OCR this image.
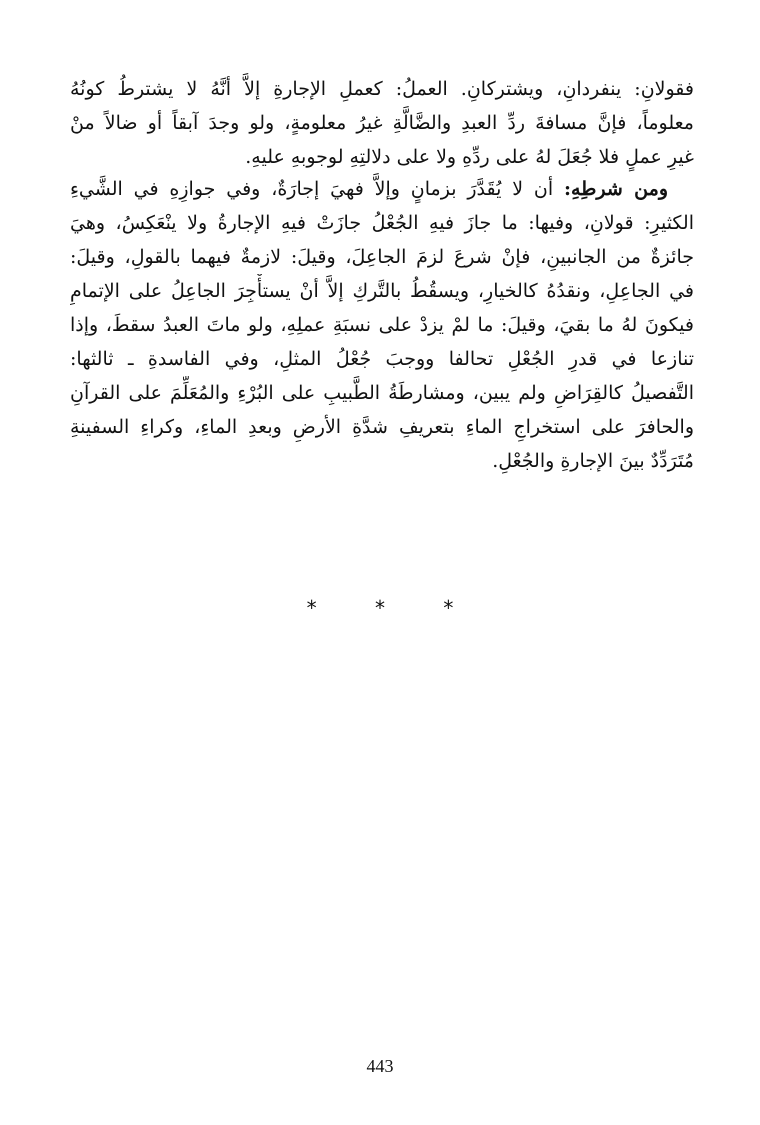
فقولانِ: ينفردانِ، ويشتركانِ. العملُ: كعملِ الإجارةِ إلاَّ أنَّهُ لا يشترطُ كونُهُ
معلوماً، فإنَّ مسافةَ ردِّ العبدِ والضَّالَّةِ غيرُ معلومةٍ، ولو وجدَ آبقاً أو ضالاً منْ
غيرِ عملٍ فلا جُعَلَ لهُ على ردِّهِ ولا على دلالتِهِ لوجوبهِ عليهِ.
ومن شرطِهِ: أن لا يُقَدَّرَ بزمانٍ وإلاَّ فهيَ إجارَةٌ، وفي جوازِهِ في الشَّيءِ
الكثيرِ: قولانِ، وفيها: ما جازَ فيهِ الجُعْلُ جازَتْ فيهِ الإجارةُ ولا ينْعَكِسُ، وهيَ
جائزةٌ من الجانبينِ، فإنْ شرعَ لزمَ الجاعِلَ، وقيلَ: لازمةٌ فيهما بالقولِ، وقيلَ:
في الجاعِلِ، ونقدُهُ كالخيارِ، ويسقُطُ بالتَّركِ إلاَّ أنْ يستأْجِرَ الجاعِلُ على الإتمامِ
فيكونَ لهُ ما بقيَ، وقيلَ: ما لمْ يزدْ على نسبَةِ عملِهِ، ولو ماتَ العبدُ سقطَ، وإذا
تنازعا في قدرِ الجُعْلِ تحالفا ووجبَ جُعْلُ المثلِ، وفي الفاسدةِ ـ ثالثها:
التَّفصيلُ كالقِرَاضِ ولم يبين، ومشارطَةُ الطَّبيبِ على البُرْءِ والمُعَلِّمَ على القرآنِ
والحافرَ على استخراجِ الماءِ بتعريفِ شدَّةِ الأرضِ وبعدِ الماءِ، وكراءِ السفينةِ
مُتَرَدِّدٌ بينَ الإجارةِ والجُعْلِ.
* * *
443
